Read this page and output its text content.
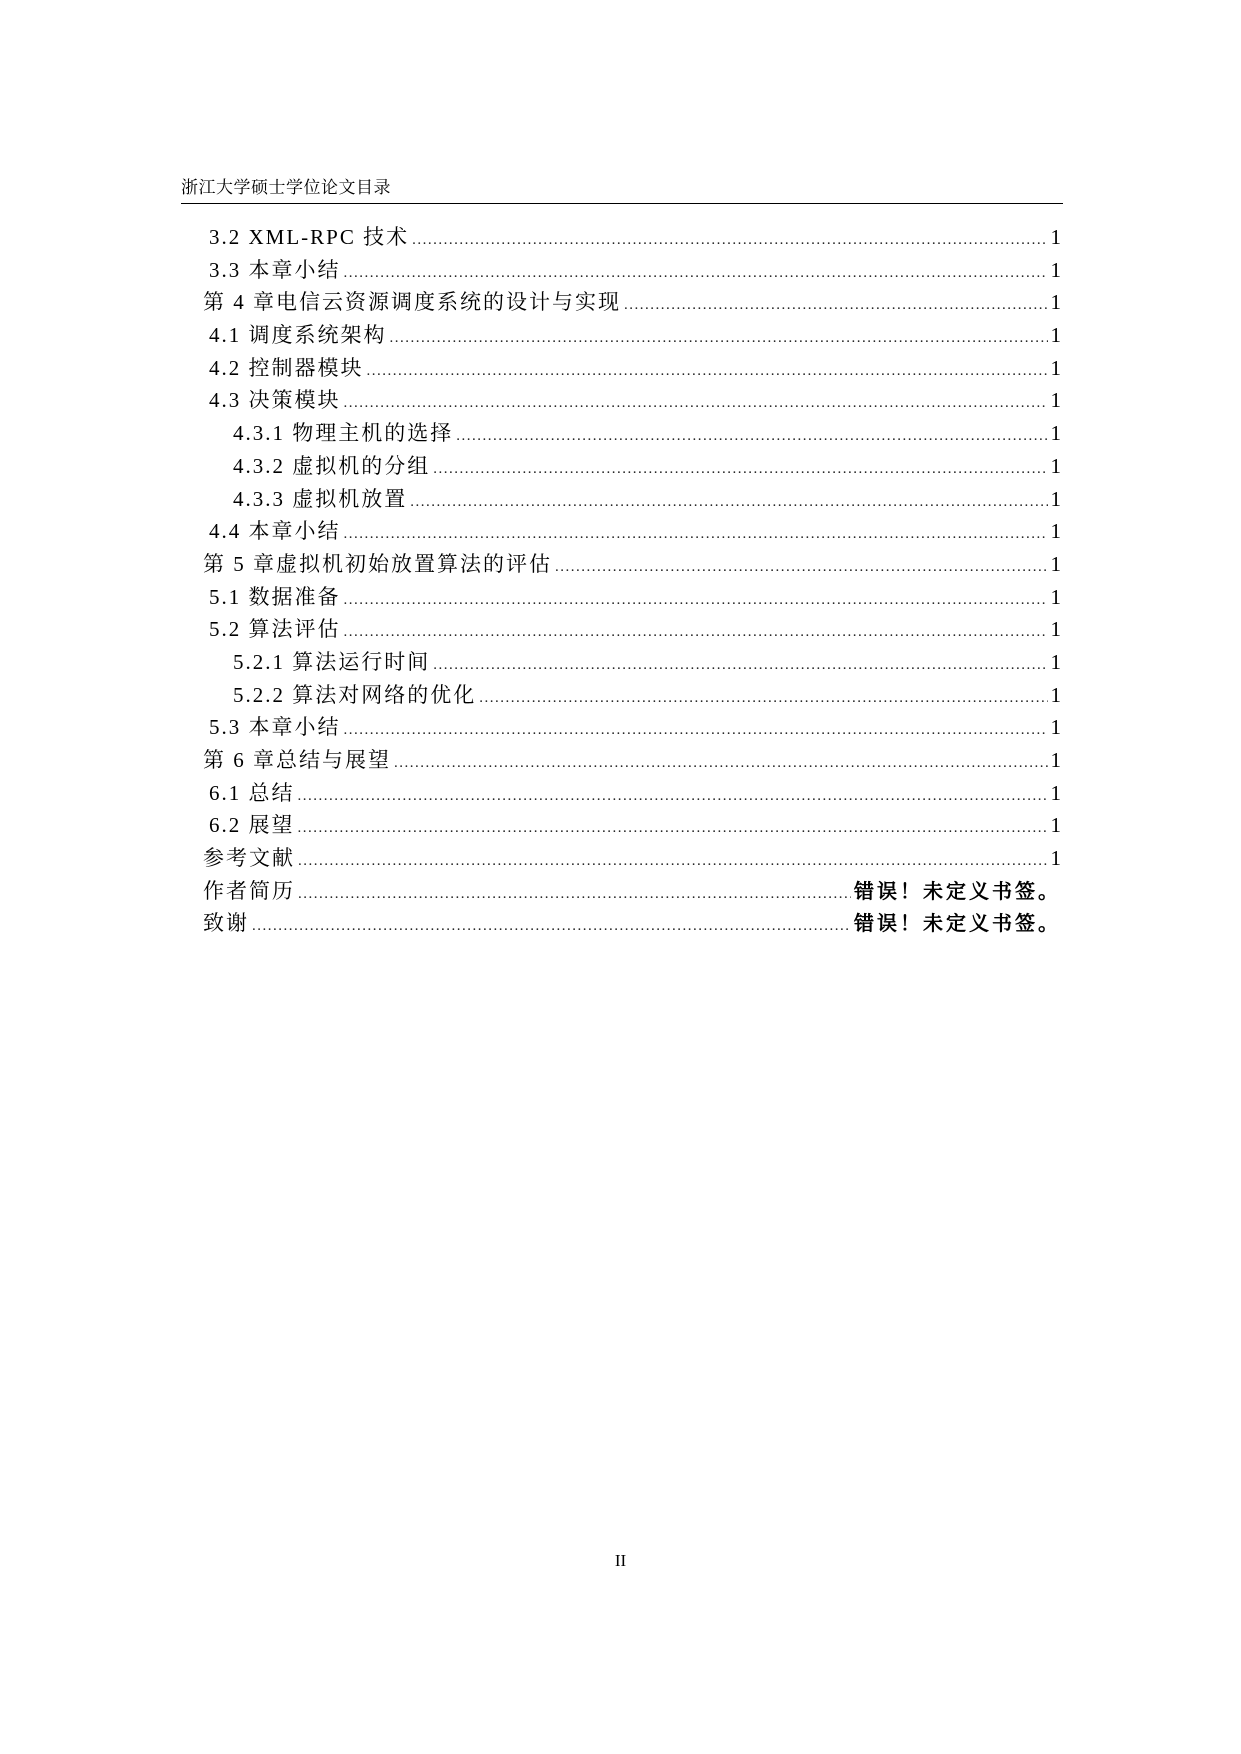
浙江大学硕士学位论文目录
3.2 XML-RPC 技术 .....	1
3.3 本章小结 .....	1
第 4 章电信云资源调度系统的设计与实现 .....	1
4.1 调度系统架构 .....	1
4.2 控制器模块 .....	1
4.3 决策模块 .....	1
4.3.1 物理主机的选择 .....	1
4.3.2 虚拟机的分组 .....	1
4.3.3 虚拟机放置 .....	1
4.4 本章小结 .....	1
第 5 章虚拟机初始放置算法的评估 .....	1
5.1 数据准备 .....	1
5.2 算法评估 .....	1
5.2.1 算法运行时间 .....	1
5.2.2 算法对网络的优化 .....	1
5.3 本章小结 .....	1
第 6 章总结与展望 .....	1
6.1 总结 .....	1
6.2 展望 .....	1
参考文献 .....	1
作者简历 .....	错误！未定义书签。
致谢 .....	错误！未定义书签。
II
